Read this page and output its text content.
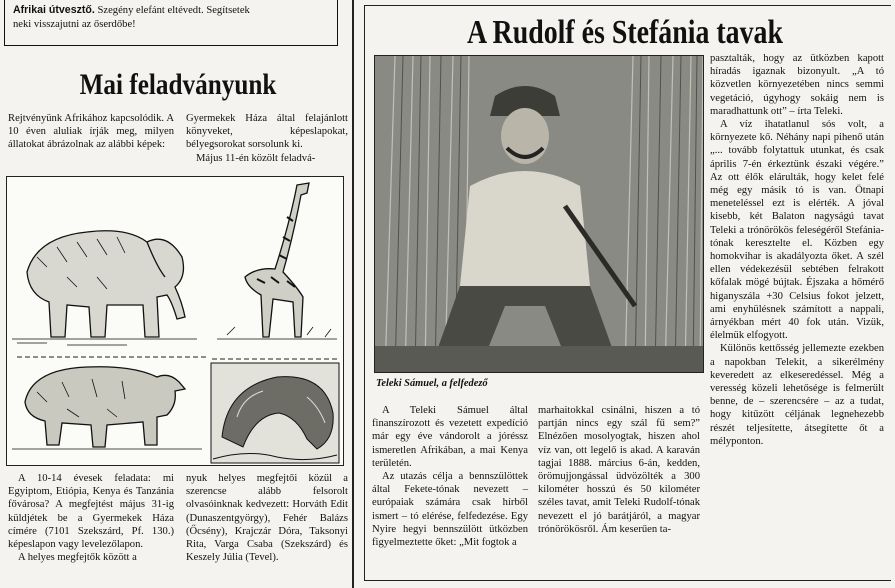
Afrikai útvesztő. Szegény elefánt eltévedt. Segítsetek
neki visszajutni az őserdőbe!
Mai feladványunk

Rejtvényünk Afrikához kapcsolódik. A 10 éven aluliak írják meg, milyen állatokat ábrázolnak az alábbi képek:

Gyermekek Háza által felajánlott könyveket, képeslapokat, bélyegsorokat sorsolunk ki.

Május 11-én közölt feladvá-

A 10-14 évesek feladata: mi Egyiptom, Etiópia, Kenya és Tanzánia fővárosa? A megfejtést május 31-ig küldjétek be a Gyermekek Háza címére (7101 Szekszárd, Pf. 130.) képeslapon vagy levelezőlapon.

A helyes megfejtők között a

nyuk helyes megfejtői közül a szerencse alább felsorolt olvasóinknak kedvezett: Horváth Edit (Dunaszentgyörgy), Fehér Balázs (Őcsény), Krajczár Dóra, Taksonyi Rita, Varga Csaba (Szekszárd) és Keszely Júlia (Tevel).

A Rudolf és Stefánia tavak
Teleki Sámuel, a felfedező

pasztalták, hogy az ütközben kapott híradás igaznak bizonyult. „A tó közvetlen környezetében nincs semmi vegetáció, úgyhogy sokáig nem is maradhattunk ott” – írta Teleki.

A víz ihatatlanul sós volt, a környezete kő. Néhány napi pihenő után „... tovább folytattuk utunkat, és csak április 7-én érkeztünk északi végére.” Az ott élők elárulták, hogy kelet felé még egy másik tó is van. Ötnapi meneteléssel ezt is elérték. A jóval kisebb, két Balaton nagyságú tavat Teleki a trónörökös feleségéről Stefánia-tónak keresztelte el. Közben egy homokvihar is akadályozta őket. A szél ellen védekezésül sebtében felrakott kőfalak mögé bújtak. Éjszaka a hőmérő higanyszála +30 Celsius fokot jelzett, ami enyhülésnek számított a nappali, árnyékban mért 40 fok után. Vizük, élelmük elfogyott.

Különös kettősség jellemezte ezekben a napokban Telekit, a sikerélmény keveredett az elkeseredéssel. Még a veresség közeli lehetősége is felmerült benne, de – szerencsére – az a tudat, hogy kitűzött céljának legnehezebb részét teljesítette, átsegítette őt a mélyponton.

A Teleki Sámuel által finanszírozott és vezetett expedíció már egy éve vándorolt a jóréssz ismeretlen Afrikában, a mai Kenya területén.

Az utazás célja a bennszülöttek által Fekete-tónak nevezett – európaiak számára csak hírből ismert – tó elérése, felfedezése. Egy Nyire hegyi bennszülött ütközben figyelmeztette őket: „Mit fogtok a

marhaitokkal csinálni, hiszen a tó partján nincs egy szál fű sem?” Elnézően mosolyogtak, hiszen ahol víz van, ott legelő is akad. A karaván tagjai 1888. március 6-án, kedden, örömujjongással üdvözölték a 300 kilométer hosszú és 50 kilométer széles tavat, amit Teleki Rudolf-tónak nevezett el jó barátjáról, a magyar trónörökösről. Ám keserűen ta-
